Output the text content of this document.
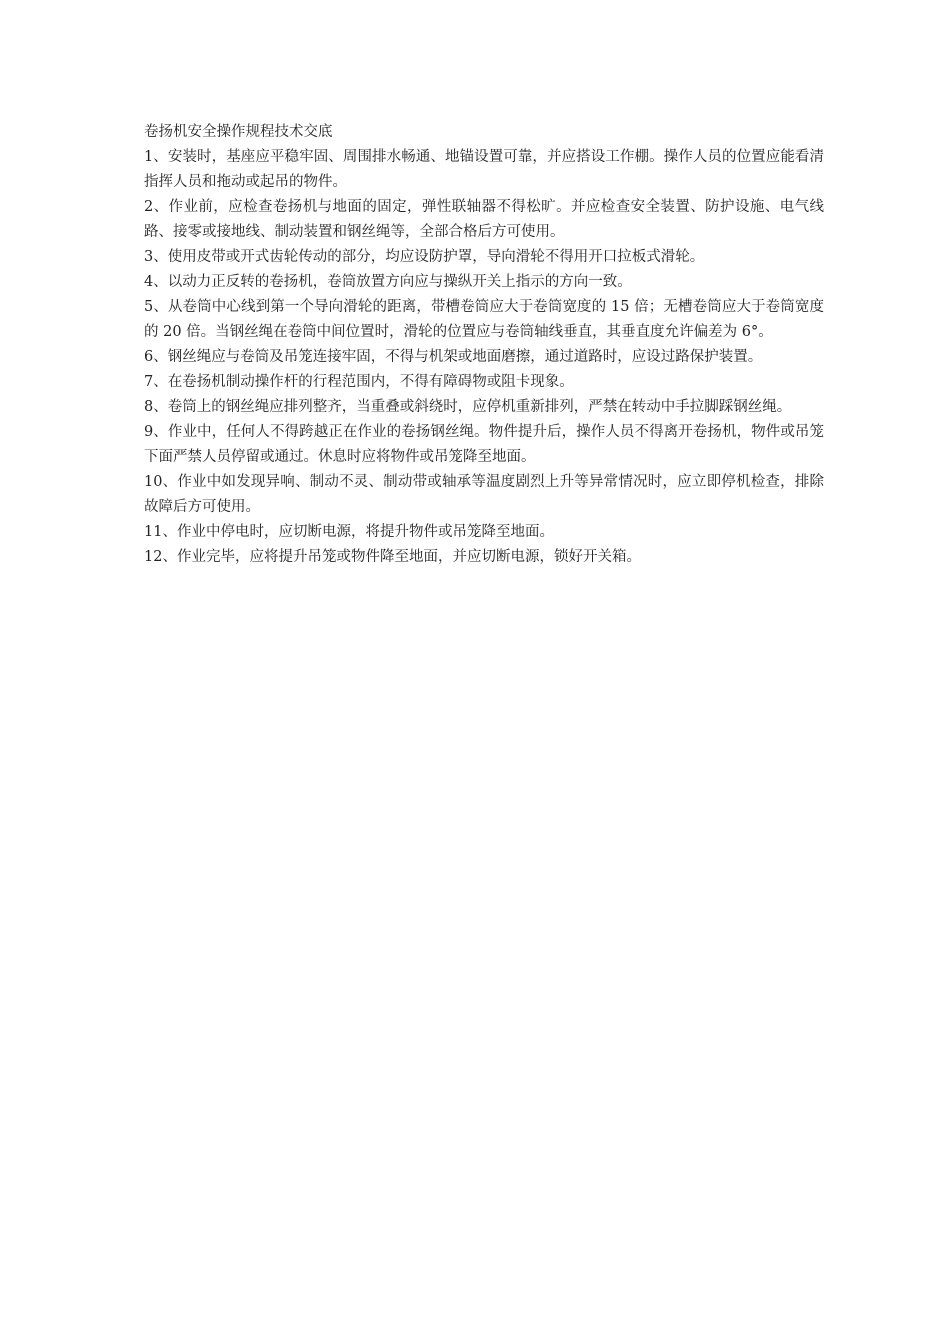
卷扬机安全操作规程技术交底

1、安装时，基座应平稳牢固、周围排水畅通、地锚设置可靠，并应搭设工作棚。操作人员的位置应能看清指挥人员和拖动或起吊的物件。

2、作业前，应检查卷扬机与地面的固定，弹性联轴器不得松旷。并应检查安全装置、防护设施、电气线路、接零或接地线、制动装置和钢丝绳等，全部合格后方可使用。

3、使用皮带或开式齿轮传动的部分，均应设防护罩，导向滑轮不得用开口拉板式滑轮。

4、以动力正反转的卷扬机，卷筒放置方向应与操纵开关上指示的方向一致。

5、从卷筒中心线到第一个导向滑轮的距离，带槽卷筒应大于卷筒宽度的 15 倍；无槽卷筒应大于卷筒宽度的 20 倍。当钢丝绳在卷筒中间位置时，滑轮的位置应与卷筒轴线垂直，其垂直度允许偏差为 6°。

6、钢丝绳应与卷筒及吊笼连接牢固，不得与机架或地面磨擦，通过道路时，应设过路保护装置。

7、在卷扬机制动操作杆的行程范围内，不得有障碍物或阻卡现象。

8、卷筒上的钢丝绳应排列整齐，当重叠或斜绕时，应停机重新排列，严禁在转动中手拉脚踩钢丝绳。

9、作业中，任何人不得跨越正在作业的卷扬钢丝绳。物件提升后，操作人员不得离开卷扬机，物件或吊笼下面严禁人员停留或通过。休息时应将物件或吊笼降至地面。

10、作业中如发现异响、制动不灵、制动带或轴承等温度剧烈上升等异常情况时，应立即停机检查，排除故障后方可使用。

11、作业中停电时，应切断电源，将提升物件或吊笼降至地面。

12、作业完毕，应将提升吊笼或物件降至地面，并应切断电源，锁好开关箱。
